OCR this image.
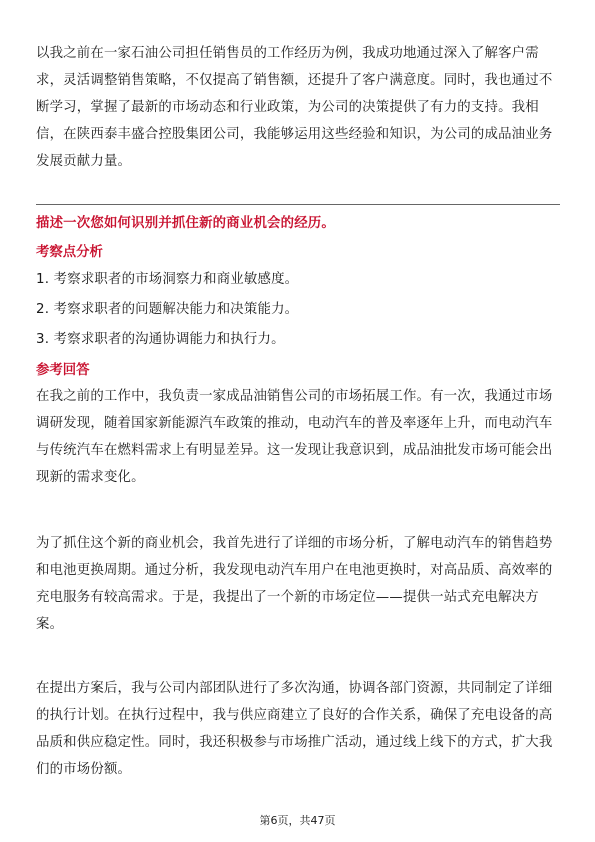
以我之前在一家石油公司担任销售员的工作经历为例，我成功地通过深入了解客户需求，灵活调整销售策略，不仅提高了销售额，还提升了客户满意度。同时，我也通过不断学习，掌握了最新的市场动态和行业政策，为公司的决策提供了有力的支持。我相信，在陕西泰丰盛合控股集团公司，我能够运用这些经验和知识，为公司的成品油业务发展贡献力量。

描述一次您如何识别并抓住新的商业机会的经历。
考察点分析
1. 考察求职者的市场洞察力和商业敏感度。
2. 考察求职者的问题解决能力和决策能力。
3. 考察求职者的沟通协调能力和执行力。
参考回答

在我之前的工作中，我负责一家成品油销售公司的市场拓展工作。有一次，我通过市场调研发现，随着国家新能源汽车政策的推动，电动汽车的普及率逐年上升，而电动汽车与传统汽车在燃料需求上有明显差异。这一发现让我意识到，成品油批发市场可能会出现新的需求变化。

为了抓住这个新的商业机会，我首先进行了详细的市场分析，了解电动汽车的销售趋势和电池更换周期。通过分析，我发现电动汽车用户在电池更换时，对高品质、高效率的充电服务有较高需求。于是，我提出了一个新的市场定位——提供一站式充电解决方案。

在提出方案后，我与公司内部团队进行了多次沟通，协调各部门资源，共同制定了详细的执行计划。在执行过程中，我与供应商建立了良好的合作关系，确保了充电设备的高品质和供应稳定性。同时，我还积极参与市场推广活动，通过线上线下的方式，扩大我们的市场份额。

第6页，共47页
